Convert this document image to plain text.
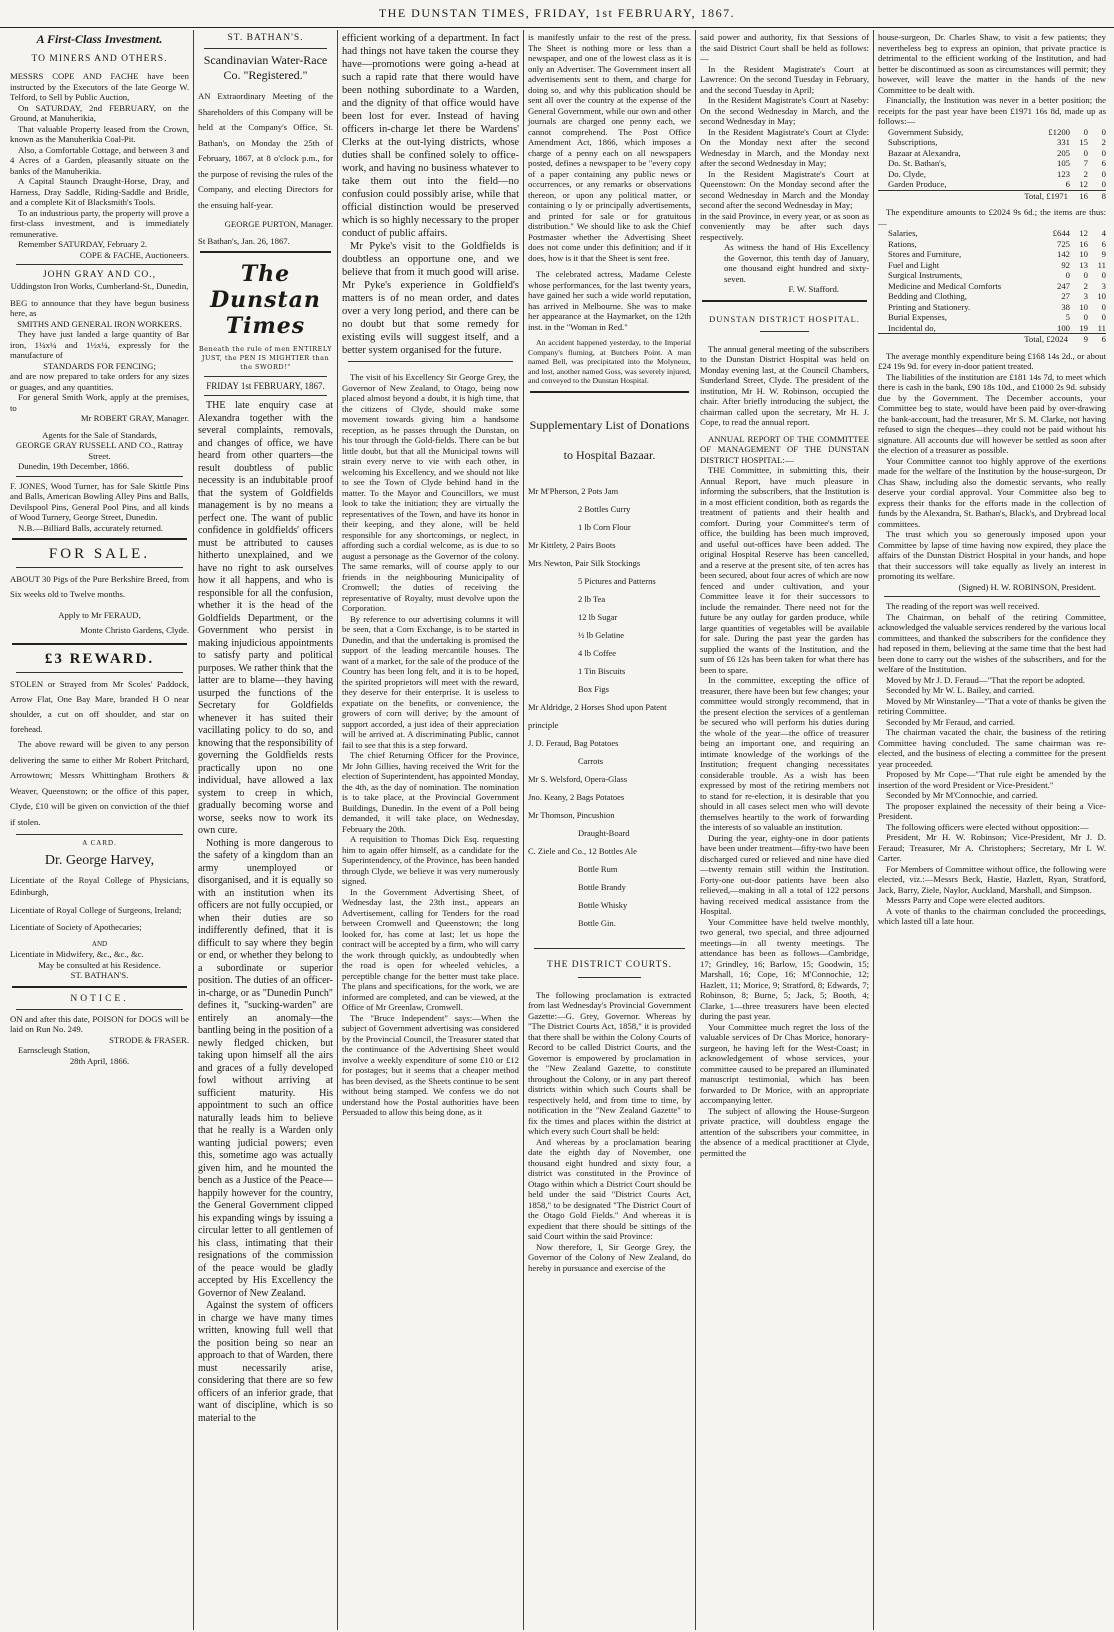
THE DUNSTAN TIMES, FRIDAY, 1st FEBRUARY, 1867.
A First-Class Investment.
TO MINERS AND OTHERS.

MESSRS COPE AND FACHE have been instructed by the Executors of the late George W. Telford, to Sell by Public Auction,

On SATURDAY, 2nd FEBRUARY, on the Ground, at Manuherikia,

That valuable Property leased from the Crown, known as the Manuherikia Coal-Pit.

Also, a Comfortable Cottage, and between 3 and 4 Acres of a Garden, pleasantly situate on the banks of the Manuherikia.

A Capital Staunch Draught-Horse, Dray, and Harness, Dray Saddle, Riding-Saddle and Bridle, and a complete Kit of Blacksmith's Tools.

To an industrious party, the property will prove a first-class investment, and is immediately remunerative.

Remember SATURDAY, February 2.

COPE & FACHE, Auctioneers.

JOHN GRAY AND CO.,

Uddingston Iron Works, Cumberland-St., Dunedin,

BEG to announce that they have begun business here, as

SMITHS AND GENERAL IRON WORKERS.

They have just landed a large quantity of Bar iron, 1¼x¼ and 1½x¼, expressly for the manufacture of

STANDARDS FOR FENCING;

and are now prepared to take orders for any sizes or guages, and any quantities.

For general Smith Work, apply at the premises, to

Mr ROBERT GRAY, Manager.

Agents for the Sale of Standards,

GEORGE GRAY RUSSELL AND CO., Rattray Street.

Dunedin, 19th December, 1866.

F. JONES, Wood Turner, has for Sale Skittle Pins and Balls, American Bowling Alley Pins and Balls, Devilspool Pins, General Pool Pins, and all kinds of Wood Turnery, George Street, Dunedin.

N.B.—Billiard Balls, accurately returned.

FOR SALE.

ABOUT 30 Pigs of the Pure Berkshire Breed, from Six weeks old to Twelve months.

Apply to Mr FERAUD,

Monte Christo Gardens, Clyde.

£3 REWARD.

STOLEN or Strayed from Mr Scoles' Paddock, Arrow Flat, One Bay Mare, branded H O near shoulder, a cut on off shoulder, and star on forehead.

The above reward will be given to any person delivering the same to either Mr Robert Pritchard, Arrowtown; Messrs Whittingham Brothers & Weaver, Queenstown; or the office of this paper, Clyde, £10 will be given on conviction of the thief if stolen.

A CARD.
Dr. George Harvey,

Licentiate of the Royal College of Physicians, Edinburgh,

Licentiate of Royal College of Surgeons, Ireland;

Licentiate of Society of Apothecaries;

AND

Licentiate in Midwifery, &c., &c., &c.

May be consulted at his Residence.

ST. BATHAN'S.

NOTICE.

ON and after this date, POISON for DOGS will be laid on Run No. 249.

STRODE & FRASER.

Earnscleugh Station,

28th April, 1866.

ST. BATHAN'S.
Scandinavian Water-Race Co. "Registered."

AN Extraordinary Meeting of the Shareholders of this Company will be held at the Company's Office, St. Bathan's, on Monday the 25th of February, 1867, at 8 o'clock p.m., for the purpose of revising the rules of the Company, and electing Directors for the ensuing half-year.

GEORGE PURTON, Manager.

St Bathan's, Jan. 26, 1867.

The Dunstan Times
Beneath the rule of men ENTIRELY JUST, the PEN IS MIGHTIER than the SWORD!"
FRIDAY 1st FEBRUARY, 1867.

THE late enquiry case at Alexandra together with the several complaints, removals, and changes of office, we have heard from other quarters—the result doubtless of public necessity is an indubitable proof that the system of Goldfields management is by no means a perfect one. The want of public confidence in goldfields' officers must be attributed to causes hitherto unexplained, and we have no right to ask ourselves how it all happens, and who is responsible for all the confusion, whether it is the head of the Goldfields Department, or the Government who persist in making injudicious appointments to satisfy party and political purposes. We rather think that the latter are to blame—they having usurped the functions of the Secretary for Goldfields whenever it has suited their vacillating policy to do so, and knowing that the responsibility of governing the Goldfields rests practically upon no one individual, have allowed a lax system to creep in which, gradually becoming worse and worse, seeks now to work its own cure.

Nothing is more dangerous to the safety of a kingdom than an army unemployed or disorganised, and it is equally so with an institution when its officers are not fully occupied, or when their duties are so indifferently defined, that it is difficult to say where they begin or end, or whether they belong to a subordinate or superior position. The duties of an officer-in-charge, or as "Dunedin Punch" defines it, "sucking-warden" are entirely an anomaly—the bantling being in the position of a newly fledged chicken, but taking upon himself all the airs and graces of a fully developed fowl without arriving at sufficient maturity. His appointment to such an office naturally leads him to believe that he really is a Warden only wanting judicial powers; even this, sometime ago was actually given him, and he mounted the bench as a Justice of the Peace—happily however for the country, the General Government clipped his expanding wings by issuing a circular letter to all gentlemen of his class, intimating that their resignations of the commission of the peace would be gladly accepted by His Excellency the Governor of New Zealand.

Against the system of officers in charge we have many times written, knowing full well that the position being so near an approach to that of Warden, there must necessarily arise, considering that there are so few officers of an inferior grade, that want of discipline, which is so material to the

efficient working of a department. In fact had things not have taken the course they have—promotions were going a-head at such a rapid rate that there would have been nothing subordinate to a Warden, and the dignity of that office would have been lost for ever. Instead of having officers in-charge let there be Wardens' Clerks at the out-lying districts, whose duties shall be confined solely to office-work, and having no business whatever to take them out into the field—no confusion could possibly arise, while that official distinction would be preserved which is so highly necessary to the proper conduct of public affairs.

Mr Pyke's visit to the Goldfields is doubtless an opportune one, and we believe that from it much good will arise. Mr Pyke's experience in Goldfield's matters is of no mean order, and dates over a very long period, and there can be no doubt but that some remedy for existing evils will suggest itself, and a better system organised for the future.

The visit of his Excellency Sir George Grey, the Governor of New Zealand, to Otago, being now placed almost beyond a doubt, it is high time, that the citizens of Clyde, should make some movement towards giving him a handsome reception, as he passes through the Dunstan, on his tour through the Gold-fields. There can be but little doubt, but that all the Municipal towns will strain every nerve to vie with each other, in welcoming his Excellency, and we should not like to see the Town of Clyde behind hand in the matter. To the Mayor and Councillors, we must look to take the initiation; they are virtually the representatives of the Town, and have its honor in their keeping, and they alone, will be held responsible for any shortcomings, or neglect, in affording such a cordial welcome, as is due to so august a personage as the Governor of the colony. The same remarks, will of course apply to our friends in the neighbouring Municipality of Cromwell; the duties of receiving the representative of Royalty, must devolve upon the Corporation.

By reference to our advertising columns it will be seen, that a Corn Exchange, is to be started in Dunedin, and that the undertaking is promised the support of the leading mercantile houses. The want of a market, for the sale of the produce of the Country has been long felt, and it is to be hoped, the spirited proprietors will meet with the reward, they deserve for their enterprise. It is useless to expatiate on the benefits, or convenience, the growers of corn will derive; by the amount of support accorded, a just idea of their appreciation will be arrived at. A discriminating Public, cannot fail to see that this is a step forward.

The chief Returning Officer for the Province, Mr John Gillies, having received the Writ for the election of Superintendent, has appointed Monday, the 4th, as the day of nomination. The nomination is to take place, at the Provincial Government Buildings, Dunedin. In the event of a Poll being demanded, it will take place, on Wednesday, February the 20th.

A requisition to Thomas Dick Esq. requesting him to again offer himself, as a candidate for the Superintendency, of the Province, has been handed through Clyde, we believe it was very numerously signed.

In the Government Advertising Sheet, of Wednesday last, the 23th inst., appears an Advertisement, calling for Tenders for the road between Cromwell and Queenstown; the long looked for, has come at last; let us hope the contract will be accepted by a firm, who will carry the work through quickly, as undoubtedly when the road is open for wheeled vehicles, a perceptible change for the better must take place. The plans and specifications, for the work, we are informed are completed, and can be viewed, at the Office of Mr Greenlaw, Cromwell.

The "Bruce Independent" says:—When the subject of Government advertising was considered by the Provincial Council, the Treasurer stated that the continuance of the Advertising Sheet would involve a weekly expenditure of some £10 or £12 for postages; but it seems that a cheaper method has been devised, as the Sheets continue to be sent without being stamped. We confess we do not understand how the Postal authorities have been Persuaded to allow this being done, as it

is manifestly unfair to the rest of the press. The Sheet is nothing more or less than a newspaper, and one of the lowest class as it is only an Advertiser. The Government insert all advertisements sent to them, and charge for doing so, and why this publication should be sent all over the country at the expense of the General Government, while our own and other journals are charged one penny each, we cannot comprehend. The Post Office Amendment Act, 1866, which imposes a charge of a penny each on all newspapers posted, defines a newspaper to be "every copy of a paper containing any public news or occurrences, or any remarks or observations thereon, or upon any political matter, or containing o ly or principally advertisements, and printed for sale or for gratuitous distribution." We should like to ask the Chief Postmaster whether the Advertising Sheet does not come under this definition; and if it does, how is it that the Sheet is sent free.

The celebrated actress, Madame Celeste whose performances, for the last twenty years, have gained her such a wide world reputation, has arrived in Melbourne. She was to make her appearance at the Haymarket, on the 12th inst. in the "Woman in Red."

An accident happened yesterday, to the Imperial Company's fluming, at Butchers Point. A man named Bell, was precipitated into the Molyneux, and lost, another named Goss, was severely injured, and conveyed to the Dunstan Hospital.

Supplementary List of Donations to Hospital Bazaar.
Mr M'Pherson, 2 Pots Jam
2 Bottles Curry
1 lb Corn Flour
Mr Kittlety, 2 Pairs Boots
Mrs Newton, Pair Silk Stockings
5 Pictures and Patterns
2 lb Tea
12 lb Sugar
½ lb Gelatine
4 lb Coffee
1 Tin Biscuits
Box Figs
Mr Aldridge, 2 Horses Shod upon Patent principle
J. D. Feraud, Bag Potatoes
Carrots
Mr S. Welsford, Opera-Glass
Jno. Keany, 2 Bags Potatoes
Mr Thomson, Pincushion
Draught-Board
C. Ziele and Co., 12 Bottles Ale
Bottle Rum
Bottle Brandy
Bottle Whisky
Bottle Gin.
THE DISTRICT COURTS.

The following proclamation is extracted from last Wednesday's Provincial Government Gazette:—G. Grey, Governor. Whereas by "The District Courts Act, 1858," it is provided that there shall be within the Colony Courts of Record to be called District Courts, and the Governor is empowered by proclamation in the "New Zealand Gazette, to constitute throughout the Colony, or in any part thereof districts within which such Courts shall be respectively held, and from time to time, by notification in the "New Zealand Gazette" to fix the times and places within the district at which every such Court shall be held:

And whereas by a proclamation bearing date the eighth day of November, one thousand eight hundred and sixty four, a district was constituted in the Province of Otago within which a District Court should be held under the said "District Courts Act, 1858," to be designated "The District Court of the Otago Gold Fields." And whereas it is expedient that there should be sittings of the said Court within the said Province:

Now therefore, I, Sir George Grey, the Governor of the Colony of New Zealand, do hereby in pursuance and exercise of the

said power and authority, fix that Sessions of the said District Court shall be held as follows:—

In the Resident Magistrate's Court at Lawrence: On the second Tuesday in February, and the second Tuesday in April;

In the Resident Magistrate's Court at Naseby: On the second Wednesday in March, and the second Wednesday in May;

In the Resident Magistrate's Court at Clyde: On the Monday next after the second Wednesday in March, and the Monday next after the second Wednesday in May;

In the Resident Magistrate's Court at Queenstown: On the Monday second after the second Wednesday in March and the Monday second after the second Wednesday in May;

in the said Province, in every year, or as soon as conveniently may be after such days respectively.

As witness the hand of His Excellency the Governor, this tenth day of January, one thousand eight hundred and sixty-seven.

F. W. Stafford.

DUNSTAN DISTRICT HOSPITAL.

The annual general meeting of the subscribers to the Dunstan District Hospital was held on Monday evening last, at the Council Chambers, Sunderland Street, Clyde. The president of the institution, Mr H. W. Robinson, occupied the chair. After briefly introducing the subject, the chairman called upon the secretary, Mr H. J. Cope, to read the annual report.

ANNUAL REPORT OF THE COMMITTEE OF MANAGEMENT OF THE DUNSTAN DISTRICT HOSPITAL:—

THE Committee, in submitting this, their Annual Report, have much pleasure in informing the subscribers, that the Institution is in a most efficient condition, both as regards the treatment of patients and their health and comfort. During your Committee's term of office, the building has been much improved, and useful out-offices have been added. The original Hospital Reserve has been cancelled, and a reserve at the present site, of ten acres has been secured, about four acres of which are now fenced and under cultivation, and your Committee leave it for their successors to include the remainder. There need not for the future be any outlay for garden produce, while large quantities of vegetables will be available for sale. During the past year the garden has supplied the wants of the Institution, and the sum of £6 12s has been taken for what there has been to spare.

In the committee, excepting the office of treasurer, there have been but few changes; your committee would strongly recommend, that in the present election the services of a gentleman be secured who will perform his duties during the whole of the year—the office of treasurer being an important one, and requiring an intimate knowledge of the workings of the Institution; frequent changing necessitates considerable trouble. As a wish has been expressed by most of the retiring members not to stand for re-election, it is desirable that you should in all cases select men who will devote themselves heartily to the work of forwarding the interests of so valuable an institution.

During the year, eighty-one in door patients have been under treatment—fifty-two have been discharged cured or relieved and nine have died—twenty remain still within the Institution. Forty-one out-door patients have been also relieved,—making in all a total of 122 persons having received medical assistance from the Hospital.

Your Committee have held twelve monthly, two general, two special, and three adjourned meetings—in all twenty meetings. The attendance has been as follows—Cambridge, 17; Grindley, 16; Barlow, 15; Goodwin, 15; Marshall, 16; Cope, 16; M'Connochie, 12; Hazlett, 11; Morice, 9; Stratford, 8; Edwards, 7; Robinson, 8; Burne, 5; Jack, 5; Booth, 4; Clarke, 1—three treasurers have been elected during the past year.

Your Committee much regret the loss of the valuable services of Dr Chas Morice, honorary-surgeon, he having left for the West-Coast; in acknowledgement of whose services, your committee caused to be prepared an illuminated manuscript testimonial, which has been forwarded to Dr Morice, with an appropriate accompanying letter.

The subject of allowing the House-Surgeon private practice, will doubtless engage the attention of the subscribers your committee, in the absence of a medical practitioner at Clyde, permitted the

house-surgeon, Dr. Charles Shaw, to visit a few patients; they nevertheless beg to express an opinion, that private practice is detrimental to the efficient working of the Institution, and had better be discontinued as soon as circumstances will permit; they however, will leave the matter in the hands of the new Committee to be dealt with.

Financially, the Institution was never in a better position; the receipts for the past year have been £1971 16s 8d, made up as follows:—

Government Subsidy,	£1200	0	0
Subscriptions,	331	15	2
Bazaar at Alexandra,	205	0	0
Do. St. Bathan's,	105	7	6
Do. Clyde,	123	2	0
Garden Produce,	6	12	0
Total, £1971		16	8

The expenditure amounts to £2024 9s 6d.; the items are thus:—

Salaries,	£644	12	4
Rations,	725	16	6
Stores and Furniture,	142	10	9
Fuel and Light	92	13	11
Surgical Instruments,	0	0	0
Medicine and Medical Comforts	247	2	3
Bedding and Clothing,	27	3	10
Printing and Stationery.	38	10	0
Burial Expenses,	5	0	0
Incidental do,	100	19	11
Total, £2024		9	6

The average monthly expenditure being £168 14s 2d., or about £24 19s 9d. for every in-door patient treated.

The liabilities of the institution are £181 14s 7d, to meet which there is cash in the bank, £90 18s 10d., and £1000 2s 9d. subsidy due by the Government. The December accounts, your Committee beg to state, would have been paid by over-drawing the bank-account, had the treasurer, Mr S. M. Clarke, not having refused to sign the cheques—they could not be paid without his signature. All accounts due will however be settled as soon after the election of a treasurer as possible.

Your Committee cannot too highly approve of the exertions made for the welfare of the Institution by the house-surgeon, Dr Chas Shaw, including also the domestic servants, who really deserve your cordial approval. Your Committee also beg to express their thanks for the efforts made in the collection of funds by the Alexandra, St. Bathan's, Black's, and Drybread local committees.

The trust which you so generously imposed upon your Committee by lapse of time having now expired, they place the affairs of the Dunstan District Hospital in your hands, and hope that their successors will take equally as lively an interest in promoting its welfare.

(Signed) H. W. ROBINSON, President.

The reading of the report was well received.

The Chairman, on behalf of the retiring Committee, acknowledged the valuable services rendered by the various local committees, and thanked the subscribers for the confidence they had reposed in them, believing at the same time that the best had been done to carry out the wishes of the subscribers, and for the welfare of the Institution.

Moved by Mr J. D. Feraud—"That the report be adopted.

Seconded by Mr W. L. Bailey, and carried.

Moved by Mr Winstanley—"That a vote of thanks be given the retiring Committee.

Seconded by Mr Feraud, and carried.

The chairman vacated the chair, the business of the retiring Committee having concluded. The same chairman was re-elected, and the business of electing a committee for the present year proceeded.

Proposed by Mr Cope—"That rule eight be amended by the insertion of the word President or Vice-President."

Seconded by Mr M'Connochie, and carried.

The proposer explained the necessity of their being a Vice-President.

The following officers were elected without opposition:—

President, Mr H. W. Robinson; Vice-President, Mr J. D. Feraud; Treasurer, Mr A. Christophers; Secretary, Mr L W. Carter.

For Members of Committee without office, the following were elected, viz.:—Messrs Beck, Hastie, Hazlett, Ryan, Stratford, Jack, Barry, Ziele, Naylor, Auckland, Marshall, and Simpson.

Messrs Parry and Cope were elected auditors.

A vote of thanks to the chairman concluded the proceedings, which lasted till a late hour.
